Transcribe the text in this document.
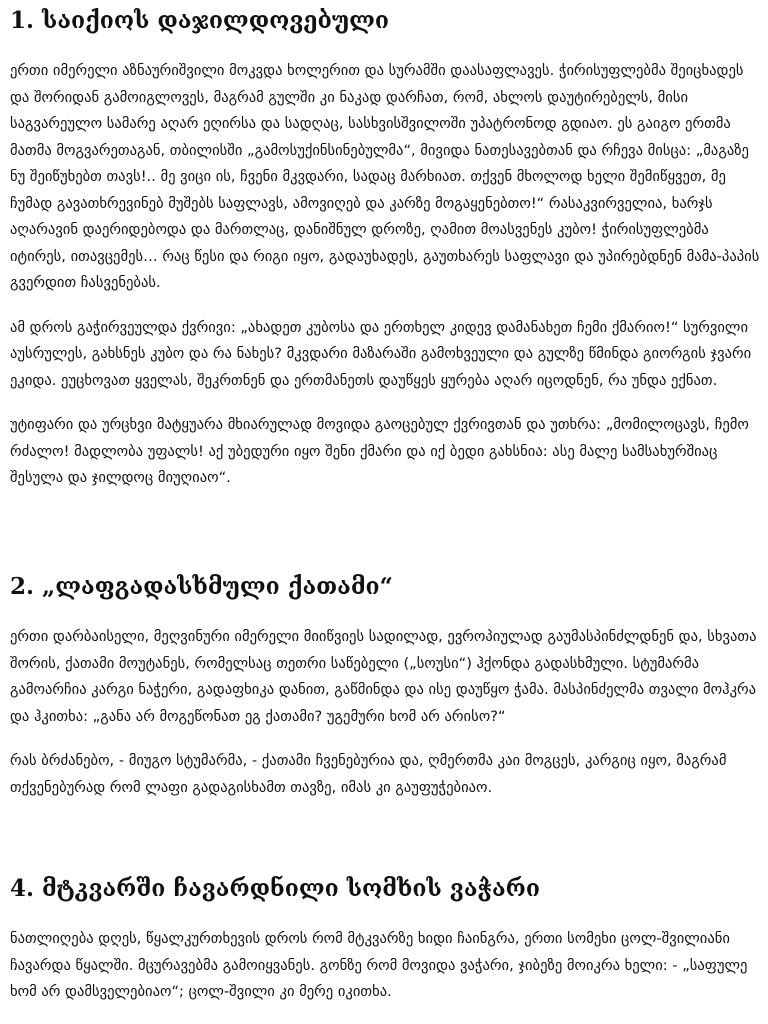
1. საიქიოს დაჯილდოვებული

ერთი იმერელი აზნაურიშვილი მოკვდა ხოლერით და სურამში დაასაფლავეს. ჭირისუფლებმა შეიცხადეს და შორიდან გამოიგლოვეს, მაგრამ გულში კი ნაკად დარჩათ, რომ, ახლოს დაუტირებელს, მისი საგვარეულო სამარე აღარ ეღირსა და სადღაც, სასხვისშვილოში უპატრონოდ გდიაო. ეს გაიგო ერთმა მათმა მოგვარეთაგან, თბილისში „გამოსუქინსინებულმა“, მივიდა ნათესავებთან და რჩევა მისცა: „მაგაზე ნუ შეიწუხებთ თავს!.. მე ვიცი ის, ჩვენი მკვდარი, სადაც მარხიათ. თქვენ მხოლოდ ხელი შემიწყვეთ, მე ჩუმად გავათხრევინებ მუშებს საფლავს, ამოვიღებ და კარზე მოგაყენებთო!“ რასაკვირველია, ხარჯს აღარავინ დაერიდებოდა და მართლაც, დანიშნულ დროზე, ღამით მოასვენეს კუბო! ჭირისუფლებმა იტირეს, ითავცემეს… რაც წესი და რიგი იყო, გადაუხადეს, გაუთხარეს საფლავი და უპირებდნენ მამა-პაპის გვერდით ჩასვენებას.

ამ დროს გაჭირვეულდა ქვრივი: „ახადეთ კუბოსა და ერთხელ კიდევ დამანახეთ ჩემი ქმარიო!“ სურვილი აუსრულეს, გახსნეს კუბო და რა ნახეს? მკვდარი მაზარაში გამოხვეული და გულზე წმინდა გიორგის ჯვარი ეკიდა. ეუცხოვათ ყველას, შეკრთნენ და ერთმანეთს დაუწყეს ყურება აღარ იცოდნენ, რა უნდა ექნათ.

უტიფარი და ურცხვი მატყუარა მხიარულად მოვიდა გაოცებულ ქვრივთან და უთხრა: „მომილოცავს, ჩემო რძალო! მადლობა უფალს! აქ უბედური იყო შენი ქმარი და იქ ბედი გახსნია: ასე მალე სამსახურშიაც შესულა და ჯილდოც მიუღიაო“.

2. „ლაფგადასხმული ქათამი“

ერთი დარბაისელი, მეღვინური იმერელი მიიწვიეს სადილად, ევროპიულად გაუმასპინძლდნენ და, სხვათა შორის, ქათამი მოუტანეს, რომელსაც თეთრი საწებელი („სოუსი“) ჰქონდა გადასხმული. სტუმარმა გამოარჩია კარგი ნაჭერი, გადაფხიკა დანით, გაწმინდა და ისე დაუწყო ჭამა. მასპინძელმა თვალი მოჰკრა და ჰკითხა: „განა არ მოგეწონათ ეგ ქათამი? უგემური ხომ არ არისო?“

რას ბრძანებო, - მიუგო სტუმარმა, - ქათამი ჩვენებურია და, ღმერთმა კაი მოგცეს, კარგიც იყო, მაგრამ თქვენებურად რომ ლაფი გადაგისხამთ თავზე, იმას კი გაუფუჭებიაო.

4. მტკვარში ჩავარდნილი სომხის ვაჭარი

ნათლიღება დღეს, წყალკურთხევის დროს რომ მტკვარზე ხიდი ჩაინგრა, ერთი სომეხი ცოლ-შვილიანი ჩავარდა წყალში. მცურავებმა გამოიყვანეს. გონზე რომ მოვიდა ვაჭარი, ჯიბეზე მოიკრა ხელი: - „საფულე ხომ არ დამსველებიაო“; ცოლ-შვილი კი მერე იკითხა.
